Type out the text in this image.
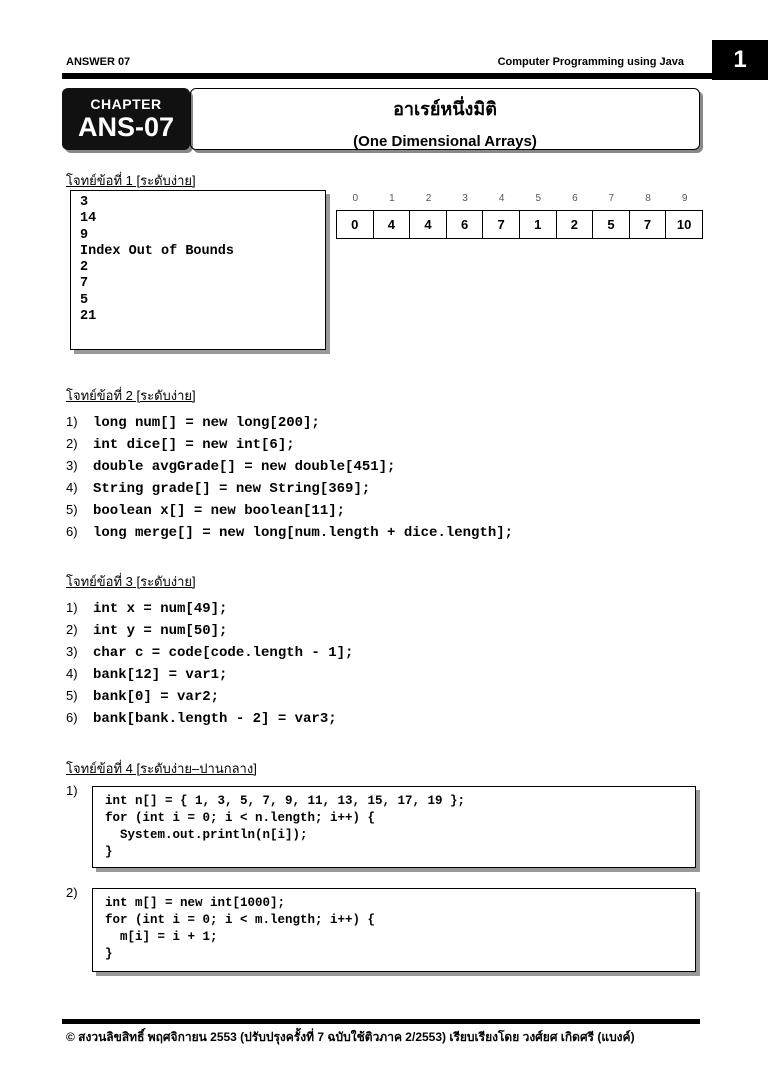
ANSWER 07	Computer Programming using Java	1
CHAPTER
ANS-07
อาเรย์หนึ่งมิติ
(One Dimensional Arrays)
โจทย์ข้อที่ 1 [ระดับง่าย]
3
14
9
Index Out of Bounds
2
7
5
21
0	1	2	3	4	5	6	7	8	9
0	4	4	6	7	1	2	5	7	10
โจทย์ข้อที่ 2 [ระดับง่าย]
1) long num[] = new long[200];
2) int dice[] = new int[6];
3) double avgGrade[] = new double[451];
4) String grade[] = new String[369];
5) boolean x[] = new boolean[11];
6) long merge[] = new long[num.length + dice.length];
โจทย์ข้อที่ 3 [ระดับง่าย]
1) int x = num[49];
2) int y = num[50];
3) char c = code[code.length - 1];
4) bank[12] = var1;
5) bank[0] = var2;
6) bank[bank.length - 2] = var3;
โจทย์ข้อที่ 4 [ระดับง่าย–ปานกลาง]
1)
int n[] = { 1, 3, 5, 7, 9, 11, 13, 15, 17, 19 };
for (int i = 0; i < n.length; i++) {
System.out.println(n[i]);
}
2)
int m[] = new int[1000];
for (int i = 0; i < m.length; i++) {
m[i] = i + 1;
}
© สงวนลิขสิทธิ์ พฤศจิกายน 2553 (ปรับปรุงครั้งที่ 7 ฉบับใช้ติวภาค 2/2553) เรียบเรียงโดย วงศ์ยศ เกิดศรี (แบงค์)
